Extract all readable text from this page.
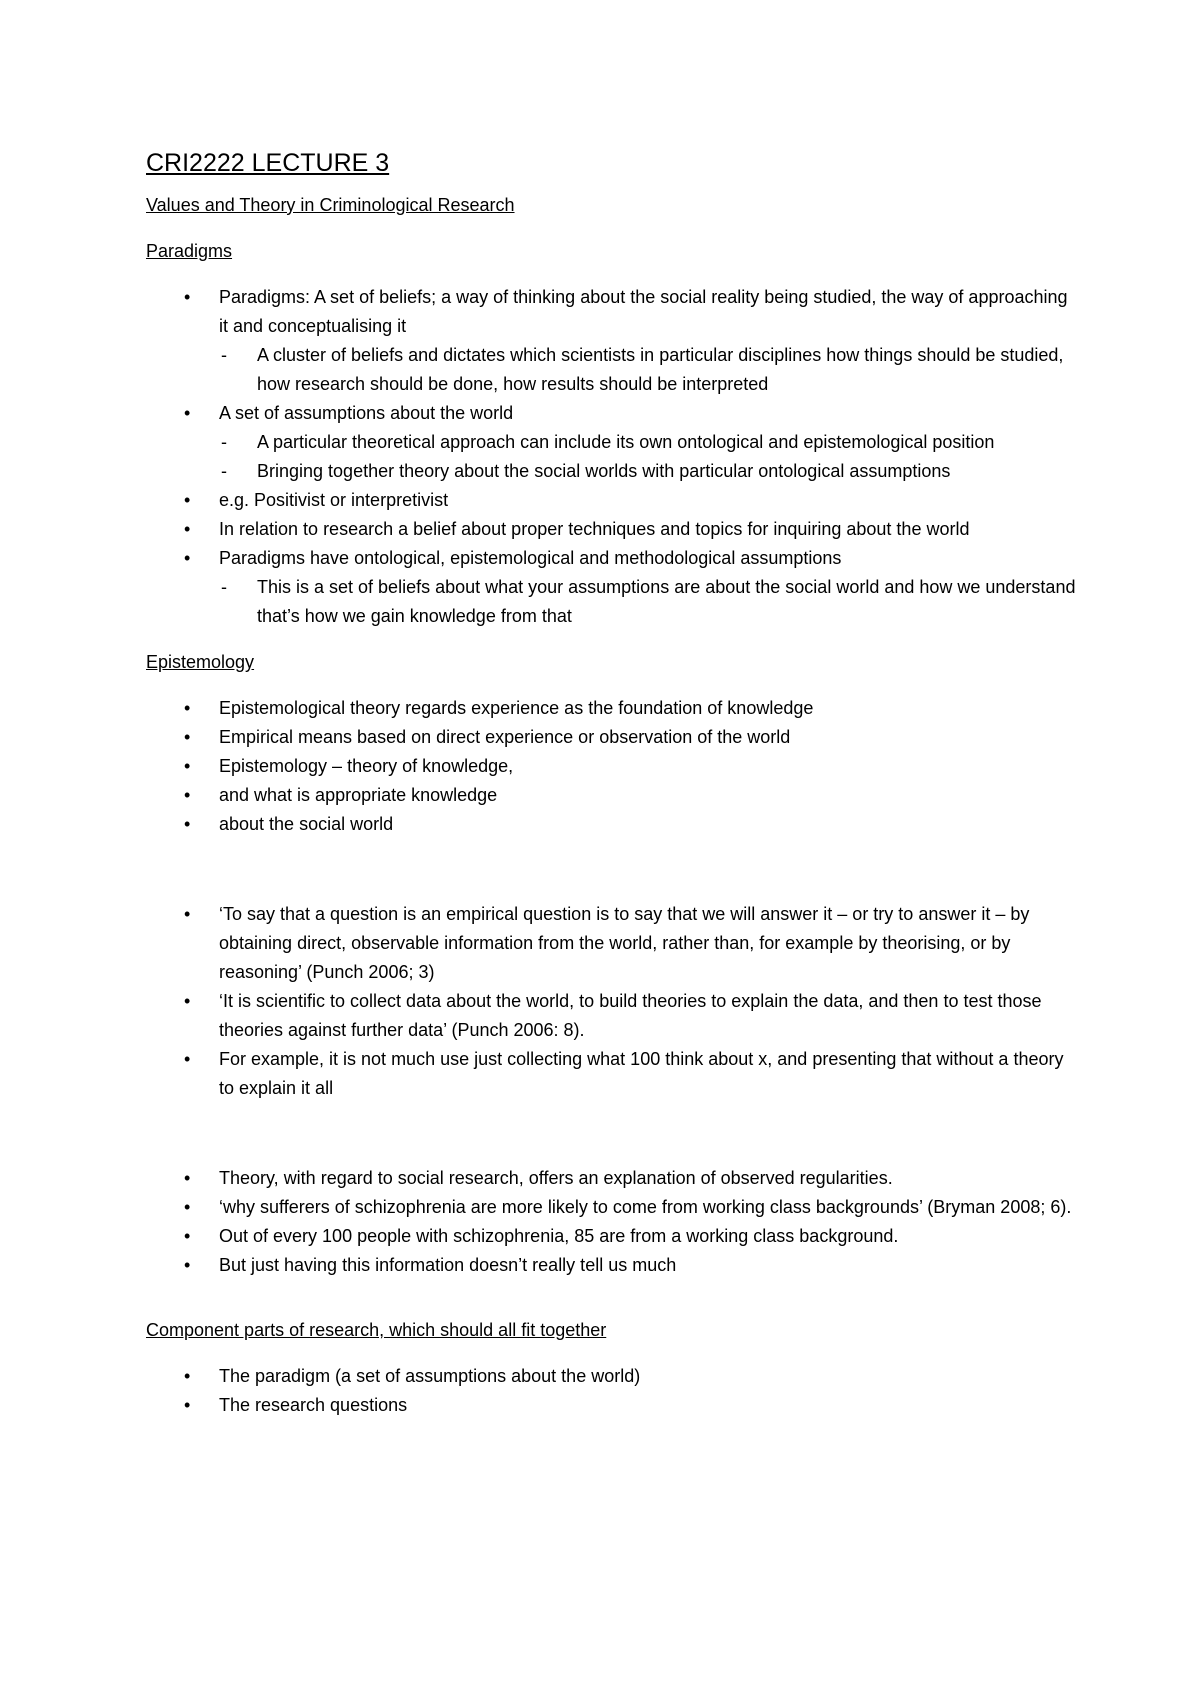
CRI2222 LECTURE 3
Values and Theory in Criminological Research
Paradigms
• Paradigms: A set of beliefs; a way of thinking about the social reality being studied, the way of approaching it and conceptualising it
- A cluster of beliefs and dictates which scientists in particular disciplines how things should be studied, how research should be done, how results should be interpreted
• A set of assumptions about the world
- A particular theoretical approach can include its own ontological and epistemological position
- Bringing together theory about the social worlds with particular ontological assumptions
• e.g. Positivist or interpretivist
• In relation to research a belief about proper techniques and topics for inquiring about the world
• Paradigms have ontological, epistemological and methodological assumptions
- This is a set of beliefs about what your assumptions are about the social world and how we understand that’s how we gain knowledge from that
Epistemology
• Epistemological theory regards experience as the foundation of knowledge
• Empirical means based on direct experience or observation of the world
• Epistemology – theory of knowledge,
• and what is appropriate knowledge
• about the social world
• ‘To say that a question is an empirical question is to say that we will answer it – or try to answer it – by obtaining direct, observable information from the world, rather than, for example by theorising, or by reasoning’ (Punch 2006; 3)
• ‘It is scientific to collect data about the world, to build theories to explain the data, and then to test those theories against further data’ (Punch 2006: 8).
• For example, it is not much use just collecting what 100 think about x, and presenting that without a theory to explain it all
• Theory, with regard to social research, offers an explanation of observed regularities.
• ‘why sufferers of schizophrenia are more likely to come from working class backgrounds’ (Bryman 2008; 6).
• Out of every 100 people with schizophrenia, 85 are from a working class background.
• But just having this information doesn’t really tell us much
Component parts of research, which should all fit together
• The paradigm (a set of assumptions about the world)
• The research questions
